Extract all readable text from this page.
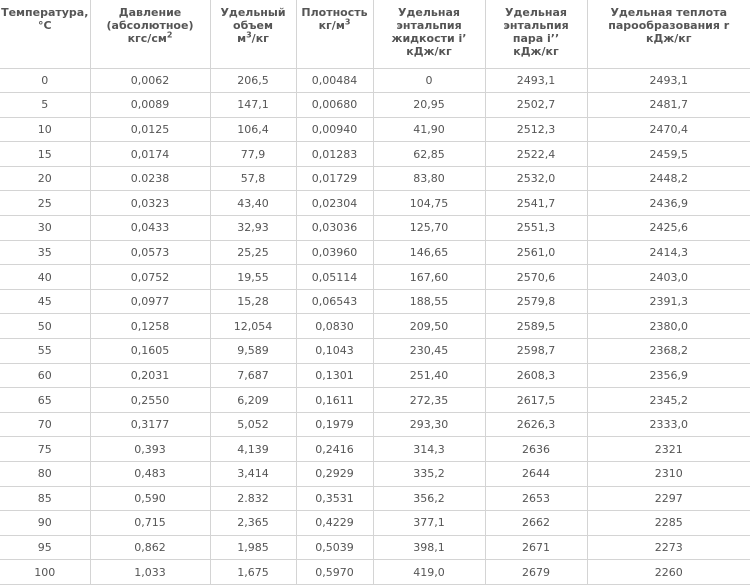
Температура,
°C	Давление
(абсолютное)
кгс/$см^2$	Удельный
объем
$м^3/кг$	Плотность
$кг/м^3$	Удельная
энтальпия
жидкости i’
кДж/кг	Удельная
энтальпия
пара i’’
кДж/кг	Удельная теплота
парообразования r
кДж/кг

0	0,0062	206,5	0,00484	0	2493,1	2493,1
5	0,0089	147,1	0,00680	20,95	2502,7	2481,7
10	0,0125	106,4	0,00940	41,90	2512,3	2470,4
15	0,0174	77,9	0,01283	62,85	2522,4	2459,5
20	0.0238	57,8	0,01729	83,80	2532,0	2448,2
25	0,0323	43,40	0,02304	104,75	2541,7	2436,9
30	0,0433	32,93	0,03036	125,70	2551,3	2425,6
35	0,0573	25,25	0,03960	146,65	2561,0	2414,3
40	0,0752	19,55	0,05114	167,60	2570,6	2403,0
45	0,0977	15,28	0,06543	188,55	2579,8	2391,3
50	0,1258	12,054	0,0830	209,50	2589,5	2380,0
55	0,1605	9,589	0,1043	230,45	2598,7	2368,2
60	0,2031	7,687	0,1301	251,40	2608,3	2356,9
65	0,2550	6,209	0,1611	272,35	2617,5	2345,2
70	0,3177	5,052	0,1979	293,30	2626,3	2333,0
75	0,393	4,139	0,2416	314,3	2636	2321
80	0,483	3,414	0,2929	335,2	2644	2310
85	0,590	2.832	0,3531	356,2	2653	2297
90	0,715	2,365	0,4229	377,1	2662	2285
95	0,862	1,985	0,5039	398,1	2671	2273
100	1,033	1,675	0,5970	419,0	2679	2260
